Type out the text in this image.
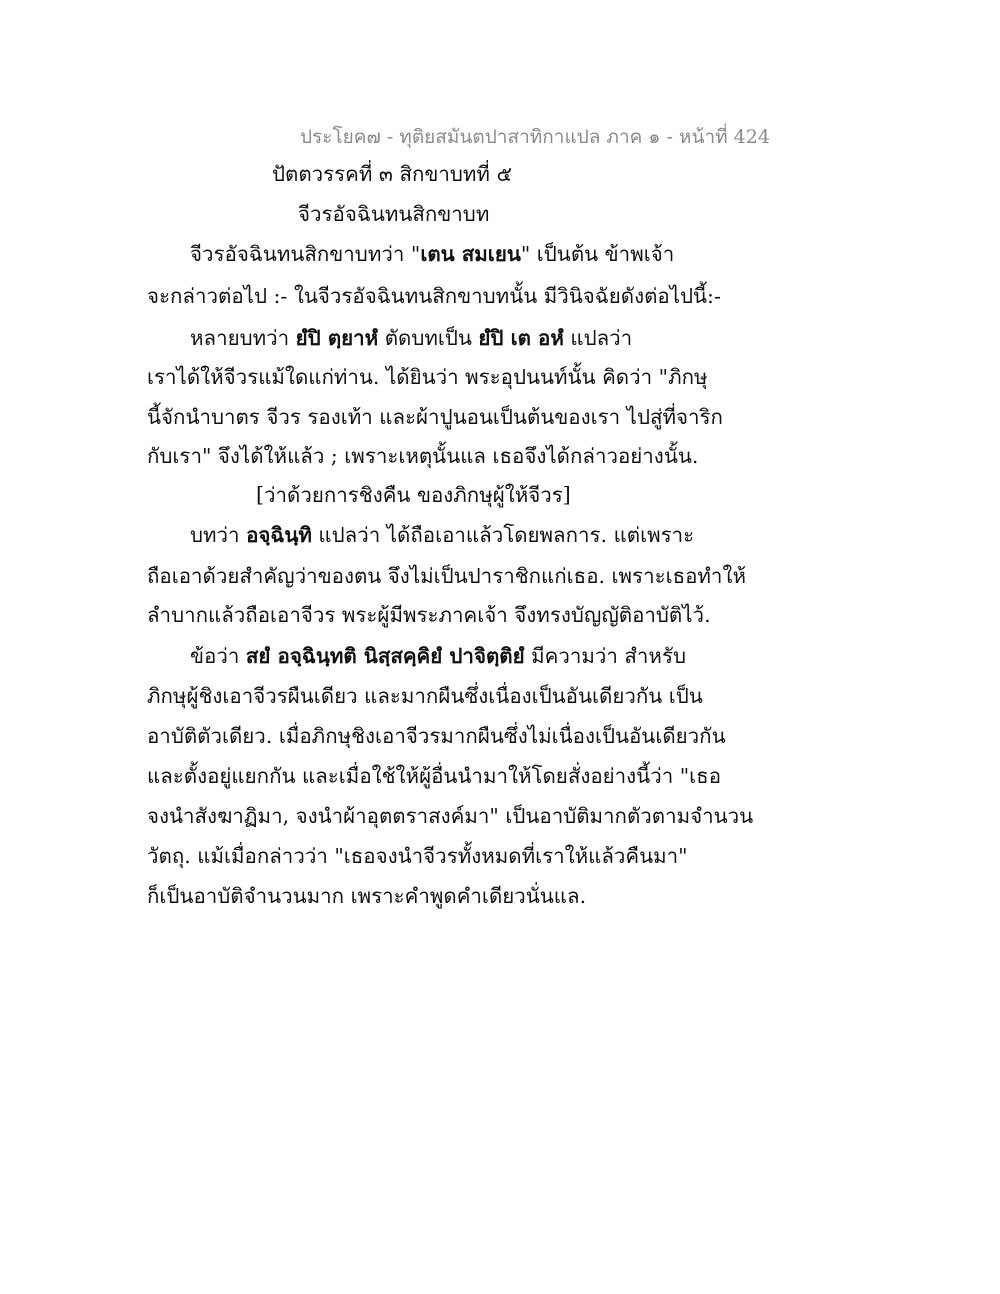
ประโยค๗ - ทุติยสมันตปาสาทิกาแปล ภาค ๑ - หน้าที่ 424
ปัตตวรรคที่ ๓ สิกขาบทที่ ๕
จีวรอัจฉินทนสิกขาบท
จีวรอัจฉินทนสิกขาบทว่า "เตน สมเยน" เป็นต้น ข้าพเจ้า
จะกล่าวต่อไป :- ในจีวรอัจฉินทนสิกขาบทนั้น มีวินิจฉัยดังต่อไปนี้:-
หลายบทว่า ยํปิ ตฺยาหํ ตัดบทเป็น ยํปิ เต อหํ แปลว่า
เราได้ให้จีวรแม้ใดแก่ท่าน. ได้ยินว่า พระอุปนนท์นั้น คิดว่า "ภิกษุ
นี้จักนำบาตร จีวร รองเท้า และผ้าปูนอนเป็นต้นของเรา ไปสู่ที่จาริก
กับเรา" จึงได้ให้แล้ว ; เพราะเหตุนั้นแล เธอจึงได้กล่าวอย่างนั้น.
[ว่าด้วยการชิงคืน ของภิกษุผู้ให้จีวร]
บทว่า อจฺฉินฺทิ แปลว่า ได้ถือเอาแล้วโดยพลการ. แต่เพราะ
ถือเอาด้วยสำคัญว่าของตน จึงไม่เป็นปาราชิกแก่เธอ. เพราะเธอทำให้
ลำบากแล้วถือเอาจีวร พระผู้มีพระภาคเจ้า จึงทรงบัญญัติอาบัติไว้.
ข้อว่า สยํ อจฺฉินฺทติ นิสฺสคฺคิยํ ปาจิตฺติยํ มีความว่า สำหรับ
ภิกษุผู้ชิงเอาจีวรผืนเดียว และมากผืนซึ่งเนื่องเป็นอันเดียวกัน เป็น
อาบัติตัวเดียว. เมื่อภิกษุชิงเอาจีวรมากผืนซึ่งไม่เนื่องเป็นอันเดียวกัน
และตั้งอยู่แยกกัน และเมื่อใช้ให้ผู้อื่นนำมาให้โดยสั่งอย่างนี้ว่า "เธอ
จงนำสังฆาฏิมา, จงนำผ้าอุตตราสงค์มา" เป็นอาบัติมากตัวตามจำนวน
วัตถุ. แม้เมื่อกล่าวว่า "เธอจงนำจีวรทั้งหมดที่เราให้แล้วคืนมา"
ก็เป็นอาบัติจำนวนมาก เพราะคำพูดคำเดียวนั่นแล.
